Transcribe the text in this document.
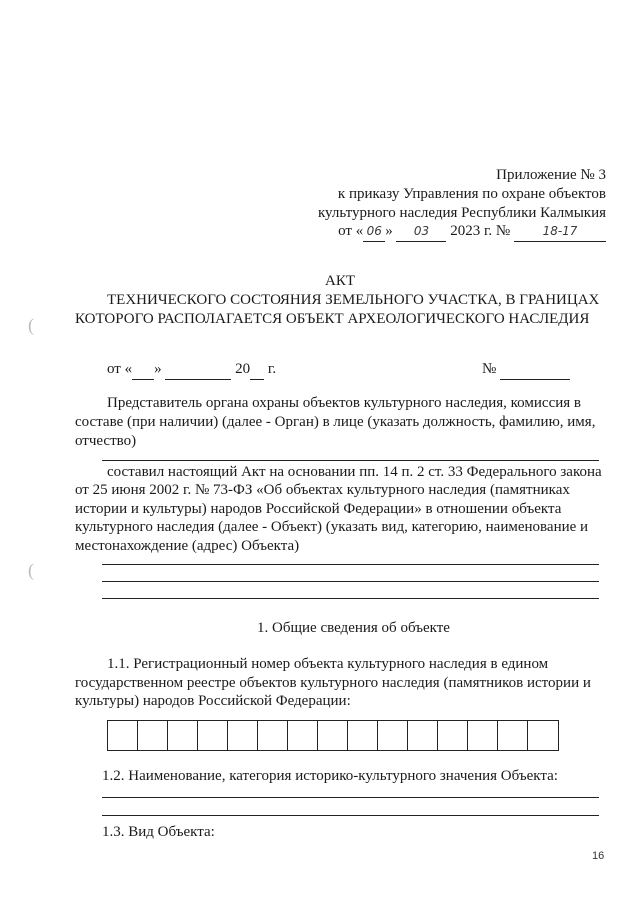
(
(
Приложение № 3
к приказу Управления по охране объектов
культурного наследия Республики Калмыкия
от « 06 » 03 2023 г. №	18-17
АКТ
ТЕХНИЧЕСКОГО СОСТОЯНИЯ ЗЕМЕЛЬНОГО УЧАСТКА, В ГРАНИЦАХ
КОТОРОГО РАСПОЛАГАЕТСЯ ОБЪЕКТ АРХЕОЛОГИЧЕСКОГО НАСЛЕДИЯ
от « »	20 г.	№
Представитель органа охраны объектов культурного наследия, комиссия в
составе (при наличии) (далее - Орган) в лице (указать должность, фамилию, имя,
отчество)
составил настоящий Акт на основании пп. 14 п. 2 ст. 33 Федерального закона
от 25 июня 2002 г. № 73-ФЗ «Об объектах культурного наследия (памятниках
истории и культуры) народов Российской Федерации» в отношении объекта
культурного наследия (далее - Объект) (указать вид, категорию, наименование и
местонахождение (адрес) Объекта)
1. Общие сведения об объекте
1.1. Регистрационный номер объекта культурного наследия в едином
государственном реестре объектов культурного наследия (памятников истории и
культуры) народов Российской Федерации:
1.2. Наименование, категория историко-культурного значения Объекта:
1.3. Вид Объекта:
16
